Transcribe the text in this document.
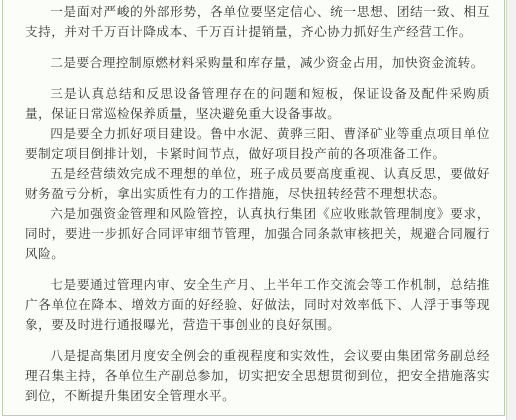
一是面对严峻的外部形势，各单位要坚定信心、统一思想、团结一致、相互支持，并对千万百计降成本、千万百计提销量，齐心协力抓好生产经营工作。

二是要合理控制原燃材料采购量和库存量，减少资金占用，加快资金流转。

三是认真总结和反思设备管理存在的问题和短板，保证设备及配件采购质量，保证日常巡检保养质量，坚决避免重大设备事故。

四是要全力抓好项目建设。鲁中水泥、黄骅三阳、曹泽矿业等重点项目单位要制定项目倒排计划，卡紧时间节点，做好项目投产前的各项准备工作。

五是经营绩效完成不理想的单位，班子成员要高度重视、认真反思，要做好财务盈亏分析，拿出实质性有力的工作措施，尽快扭转经营不理想状态。

六是加强资金管理和风险管控，认真执行集团《应收账款管理制度》要求，同时，要进一步抓好合同评审细节管理，加强合同条款审核把关，规避合同履行风险。

七是要通过管理内审、安全生产月、上半年工作交流会等工作机制，总结推广各单位在降本、增效方面的好经验、好做法，同时对效率低下、人浮于事等现象，要及时进行通报曝光，营造干事创业的良好氛围。

八是提高集团月度安全例会的重视程度和实效性，会议要由集团常务副总经理召集主持，各单位生产副总参加，切实把安全思想贯彻到位，把安全措施落实到位，不断提升集团安全管理水平。
